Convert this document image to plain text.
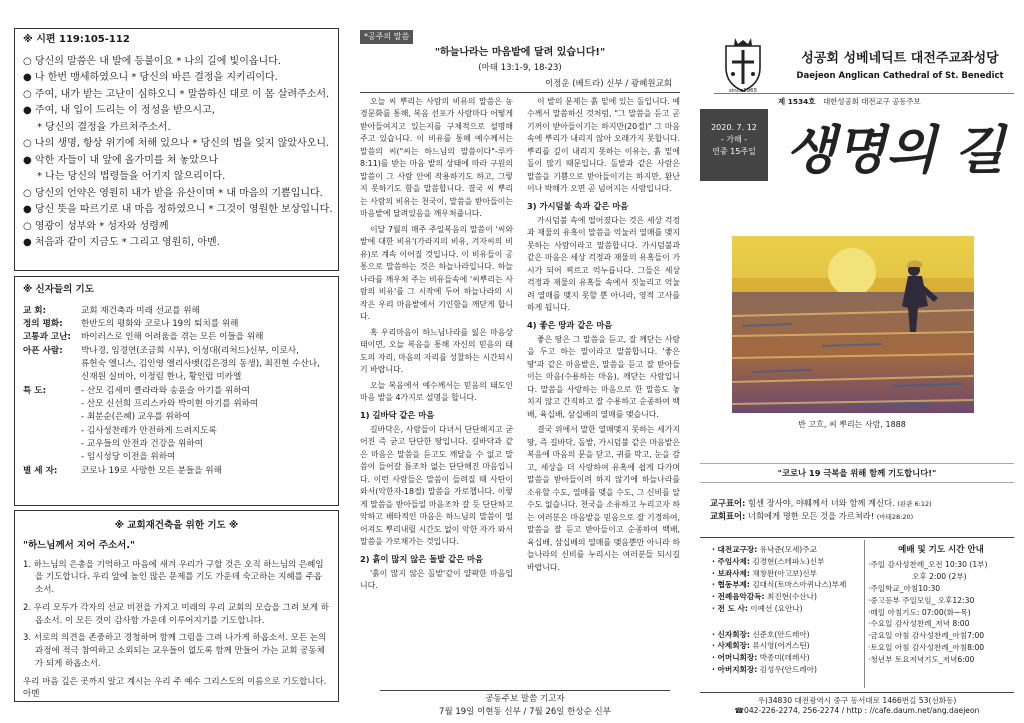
※ 시편 119:105-112
○ 당신의 말씀은 내 발에 등불이요 * 나의 길에 빛이옵니다.
● 나 한번 맹세하였으니 * 당신의 바른 결정을 지키리이다.
○ 주여, 내가 받는 고난이 심하오니 * 말씀하신 대로 이 몸 살려주소서.
● 주여, 내 입이 드리는 이 정성을 받으시고,
* 당신의 결정을 가르쳐주소서.
○ 나의 생명, 항상 위기에 처해 있으나 * 당신의 법을 잊지 않았사오니.
● 악한 자들이 내 앞에 올가미를 쳐 놓았으나
* 나는 당신의 법령들을 어기지 않으리이다.
○ 당신의 언약은 영원히 내가 받을 유산이며 * 내 마음의 기쁨입니다.
● 당신 뜻을 따르기로 내 마음 정하였으니 * 그것이 영원한 보상입니다.
○ 영광이 성부와 * 성자와 성령께
● 처음과 같이 지금도 * 그리고 영원히, 아멘.
※ 신자들의 기도
교 회:	교회 재건축과 미래 선교를 위해
정의 평화:	한반도의 평화와 코로나 19의 퇴치를 위해
고통과 고난:	바이러스로 인해 어려움을 겪는 모든 이들을 위해
아픈 사람:	박나경, 임경연(조금희 시부), 이성대(리처드)신부, 이로사,
류헌숙 엘니스, 김인영 엘리사벳(김은경의 동생), 최진현 수산나,
신재원 실비아, 이정림 한나, 황인럽 미카엘
특 도:	- 산모 김세미 클라라와 송윤슬 아기를 위하여
- 산모 신선희 프리스카와 박이현 아기를 위하여
- 최분순(은혜) 교우를 위하여
- 김사성찬레가 안전하게 드려지도록
- 교우들의 안전과 건강을 위하여
- 임시성당 이전을 위하여
별 세 자:	코로나 19로 사망한 모든 분들을 위해
※ 교회재건축을 위한 기도 ※
"하느님께서 지어 주소서."
1. 하느님의 은총을 기억하고 마음에 새겨 우리가 구할 것은 오직 하느님의 은혜임을 기도합니다. 우리 앞에 높인 많은 문제를 기도 가운데 숙고하는 지혜를 주옵소서.
2. 우리 모두가 각자의 선교 비전을 가지고 미래의 우리 교회의 모습을 그려 보게 하옵소서. 이 모든 것이 감사함 가운데 이루어지기를 기도합니다.
3. 서로의 의견을 존중하고 경청하며 함께 그림을 그려 나가게 하옵소서. 모든 논의과정에 적극 참여하고 소외되는 교우들이 없도록 함께 만들어 가는 교회 공동체가 되게 하옵소서.
우리 마음 깊은 곳까지 알고 계시는 우리 주 예수 그리스도의 이름으로 기도합니다. 아멘
*공주의 말씀
"하늘나라는 마음밭에 달려 있습니다!"
(마태 13:1-9, 18-23)
이정운 (베트라) 신부 / 광혜원교회

오늘 씨 뿌리는 사람의 비유의 말씀은 농경문화를 통해, 복음 선포가 사람마다 어떻게 받아들여지고 있는지를 구체적으로 설명해 주고 있습니다. 이 비유를 통해 예수께서는 말씀의 씨("씨는 하느님의 말씀이다"-루카 8:11)를 받는 마음 밭의 상태에 따라 구원의 말씀이 그 사람 안에 작용하기도 하고, 그렇지 못하기도 함을 말씀합니다. 결국 씨 뿌리는 사람의 비유는 천국이, 말씀을 받아들이는 마음밭에 달려있음을 깨우쳐줍니다.

이달 7월의 매주 주일복음의 말씀이 '씨와 밭에 대한 비유'(가라지의 비유, 겨자씨의 비유)로 계속 이어질 것입니다. 이 비유들이 공통으로 말씀하는 것은 하늘나라입니다. 하늘나라를 깨우쳐 주는 비유들속에 '씨뿌리는 사람의 비유'를 그 시작에 두어 하늘나라의 시작은 우리 마음밭에서 기인함을 깨닫게 합니다.

혹 우리마음이 하느님나라를 잃은 마음상태이면, 오늘 복음을 통해 자신의 믿음의 태도의 자리, 마음의 자리를 성찰하는 시간되시기 바랍니다.

오늘 복음에서 예수께서는 믿음의 태도인 마음 밭을 4가지로 설명을 합니다.

1) 길바닥 같은 마음

길바닥은, 사람들이 다녀서 단단해지고 굳어진 즉 굳고 단단한 땅입니다. 길바닥과 같은 마음은 말씀을 듣고도 깨달을 수 없고 말씀이 들어갈 틈조차 없는 단단해진 마음입니다. 이런 사람들은 말씀이 들려질 때 사탄이 와서(악한자-18절) 말씀을 가로챕니다. 이렇게 말씀을 받아들일 마음조차 갈 듯 단단하고 악하고 배타적인 마음은 하느님의 말씀이 떨어져도 뿌리내릴 시간도 없이 악한 자가 와서 말씀을 가로채가는 것입니다.

2) 흙이 많지 않은 돌밭 같은 마음

'흙이 많지 않은 돌밭'같이 얄팍한 마음입니다.

이 밭의 문제는 흙 밑에 있는 돌입니다. 예수께서 말씀하신 것처럼, "그 말씀을 듣고 곧 기꺼이 받아들이기는 하지만(20절)" 그 마음 속에 뿌리가 내리지 않아 오래가지 못합니다. 뿌리를 깊이 내리지 못하는 이유는, 흙 밑에 돌이 많기 때문입니다. 돌밭과 같은 사람은 말씀을 기쁨으로 받아들이기는 하지만, 환난이나 박해가 오면 곧 넘어지는 사람입니다.

3) 가시덤불 속과 같은 마음

가시덤불 속에 떨어졌다는 것은 세상 걱정과 재물의 유혹이 말씀을 억눌러 열매를 맺지 못하는 사람이라고 말씀합니다. 가시덤불과 같은 마음은 세상 걱정과 재물의 유혹들이 가시가 되어 찌르고 억누릅니다. 그들은 세상 걱정과 재물의 유혹들 속에서 짓눌리고 억눌려 열매를 맺지 못할 뿐 아니라, 영적 고사를 하게 됩니다.

4) 좋은 땅과 같은 마음

좋은 땅은 그 말씀을 듣고, 잘 깨닫는 사람을 두고 하는 말이라고 말씀합니다. '좋은 땅'과 같은 마음밭은, 말씀을 듣고 잘 받아들이는 마음(수용하는 마음), 깨닫는 사람입니다. 말씀을 사랑하는 마음으로 한 말씀도 놓치지 않고 간직하고 잘 수용하고 순종하여 백배, 육십배, 삼십배의 열매를 맺습니다.

결국 위에서 말한 열매맺지 못하는 세가지 땅, 즉 길바닥, 돌밭, 가시덤불 같은 마음밭은 복음에 마음의 문을 닫고, 귀를 막고, 눈을 감고, 세상을 더 사랑하여 유혹에 쉽게 다가며 말씀을 받아들이려 하지 않기에 하늘나라를 소유할 수도, 열매를 맺을 수도, 그 신비를 알 수도 없습니다. 천국을 소유하고 누리고자 하는 여러분은 마음밭을 믿음으로 잘 기경하여, 말씀을 잘 듣고 받아들이고 순종하여 백배, 육십배, 삼십배의 열매를 맺음뿐만 아니라 하늘나라의 신비를 누리시는 여러분들 되시길 바랍니다.

공동주보 말씀 기고자
7월 19일 이현동 신부 / 7월 26일 한상순 신부
since1965
성공회 성베네딕트 대전주교좌성당
Daejeon Anglican Cathedral of St. Benedict
제 1534호 대한성공회 대전교구 공동주보
2020. 7. 12
- 가해 -
연중 15주일 생명의 길
반 고흐, 씨 뿌리는 사람, 1888
"코로나 19 극복을 위해 함께 기도합니다!"
교구표어: 힘센 장사야, 야훼께서 너와 함께 계신다. (판관 6:12)
교회표어: 너희에게 명한 모든 것을 가르쳐라! (마태28:20)
· 대전교구장: 유낙준(모세)주교
· 주임사제: 김경현(스테파노)신부
· 보좌사제: 채창완(아고보)신부
· 협동부제: 김대식(토마스아퀴나스)부제
· 전례음악감독: 최진현(수산나)
· 전 도 사: 이예선 (요안나)
· 신자회장: 신준호(안드레아)
· 사제회장: 류시영(어거스틴)
· 어머니회장: 박종미(데레사)
· 아버지회장: 김성우(안드레아)
예배 및 기도 시간 안내
·주일 감사성찬례_오전 10:30 (1부)
오후 2:00 (2부)
·주일학교_아침10:30
·중고등부 주일모임_ 오후12:30
·매일 아침기도: 07:00(화~목)
·수요일 감사성찬례_저녁 8:00
·금요일 아침 감사성찬례_아침7:00
·토요일 아침 감사성찬례_아침8:00
·청년부 토요저녁기도_저녁6:00
우)34830 대전광역시 중구 동서대로 1466번길 53(선화동)
☎042-226-2274, 256-2274 / http : //cafe.daum.net/ang.daejeon
